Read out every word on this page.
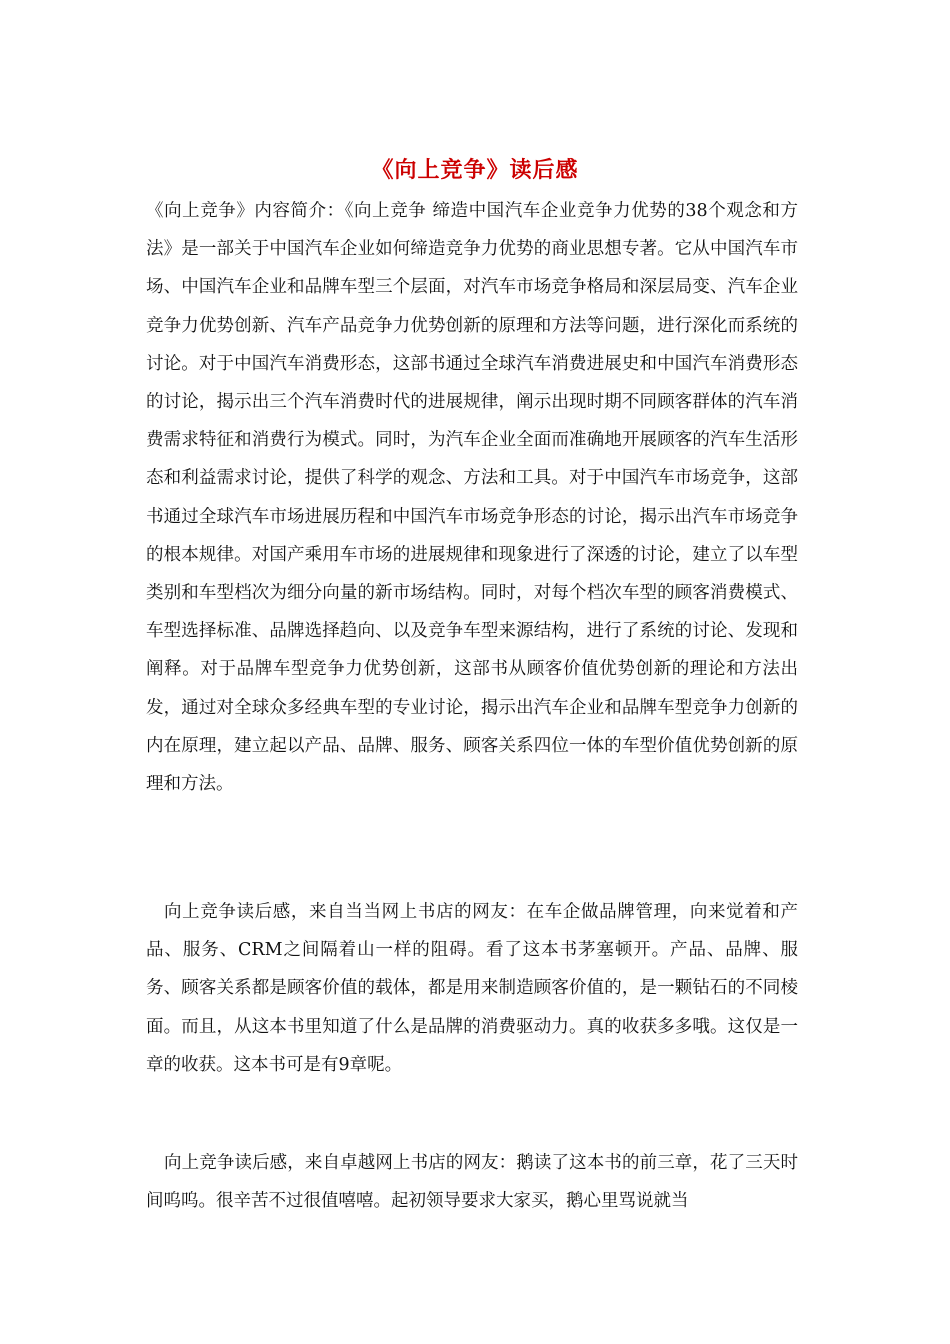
《向上竞争》读后感

《向上竞争》内容简介：《向上竞争 缔造中国汽车企业竞争力优势的38个观念和方法》是一部关于中国汽车企业如何缔造竞争力优势的商业思想专著。它从中国汽车市场、中国汽车企业和品牌车型三个层面，对汽车市场竞争格局和深层局变、汽车企业竞争力优势创新、汽车产品竞争力优势创新的原理和方法等问题，进行深化而系统的讨论。对于中国汽车消费形态，这部书通过全球汽车消费进展史和中国汽车消费形态的讨论，揭示出三个汽车消费时代的进展规律，阐示出现时期不同顾客群体的汽车消费需求特征和消费行为模式。同时，为汽车企业全面而准确地开展顾客的汽车生活形态和利益需求讨论，提供了科学的观念、方法和工具。对于中国汽车市场竞争，这部书通过全球汽车市场进展历程和中国汽车市场竞争形态的讨论，揭示出汽车市场竞争的根本规律。对国产乘用车市场的进展规律和现象进行了深透的讨论，建立了以车型类别和车型档次为细分向量的新市场结构。同时，对每个档次车型的顾客消费模式、车型选择标准、品牌选择趋向、以及竞争车型来源结构，进行了系统的讨论、发现和阐释。对于品牌车型竞争力优势创新，这部书从顾客价值优势创新的理论和方法出发，通过对全球众多经典车型的专业讨论，揭示出汽车企业和品牌车型竞争力创新的内在原理，建立起以产品、品牌、服务、顾客关系四位一体的车型价值优势创新的原理和方法。

向上竞争读后感，来自当当网上书店的网友：在车企做品牌管理，向来觉着和产品、服务、CRM之间隔着山一样的阻碍。看了这本书茅塞顿开。产品、品牌、服务、顾客关系都是顾客价值的载体，都是用来制造顾客价值的，是一颗钻石的不同棱面。而且，从这本书里知道了什么是品牌的消费驱动力。真的收获多多哦。这仅是一章的收获。这本书可是有9章呢。

向上竞争读后感，来自卓越网上书店的网友：鹅读了这本书的前三章，花了三天时间呜呜。很辛苦不过很值嘻嘻。起初领导要求大家买，鹅心里骂说就当
